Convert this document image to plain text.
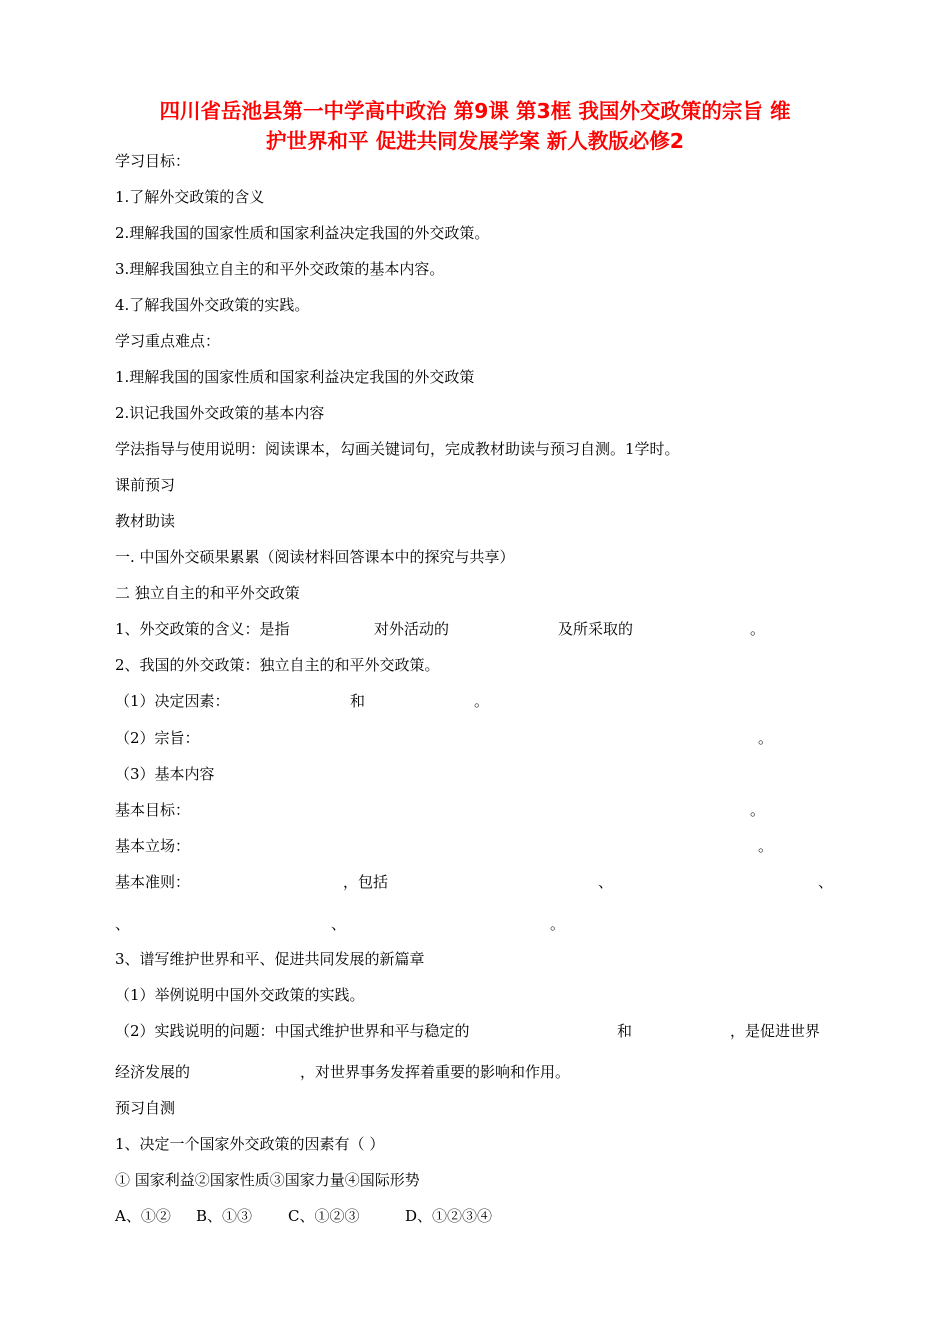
四川省岳池县第一中学高中政治 第9课 第3框 我国外交政策的宗旨 维
护世界和平 促进共同发展学案 新人教版必修2
学习目标：
1.了解外交政策的含义
2.理解我国的国家性质和国家利益决定我国的外交政策。
3.理解我国独立自主的和平外交政策的基本内容。
4.了解我国外交政策的实践。
学习重点难点：
1.理解我国的国家性质和国家利益决定我国的外交政策
2.识记我国外交政策的基本内容
学法指导与使用说明：阅读课本，勾画关键词句，完成教材助读与预习自测。1学时。
课前预习
教材助读
一. 中国外交硕果累累（阅读材料回答课本中的探究与共享）
二 独立自主的和平外交政策
1、外交政策的含义：是指	对外活动的	及所采取的	。
2、我国的外交政策：独立自主的和平外交政策。
（1）决定因素：	和	。
（2）宗旨：	。
（3）基本内容
基本目标：	。
基本立场：	。
基本准则：	，包括	、	、
、	、	。
3、谱写维护世界和平、促进共同发展的新篇章
（1）举例说明中国外交政策的实践。
（2）实践说明的问题：中国式维护世界和平与稳定的	和	，是促进世界
经济发展的	，对世界事务发挥着重要的影响和作用。
预习自测
1、决定一个国家外交政策的因素有（ ）
① 国家利益②国家性质③国家力量④国际形势
A、①② B、①③ C、①②③	D、①②③④
